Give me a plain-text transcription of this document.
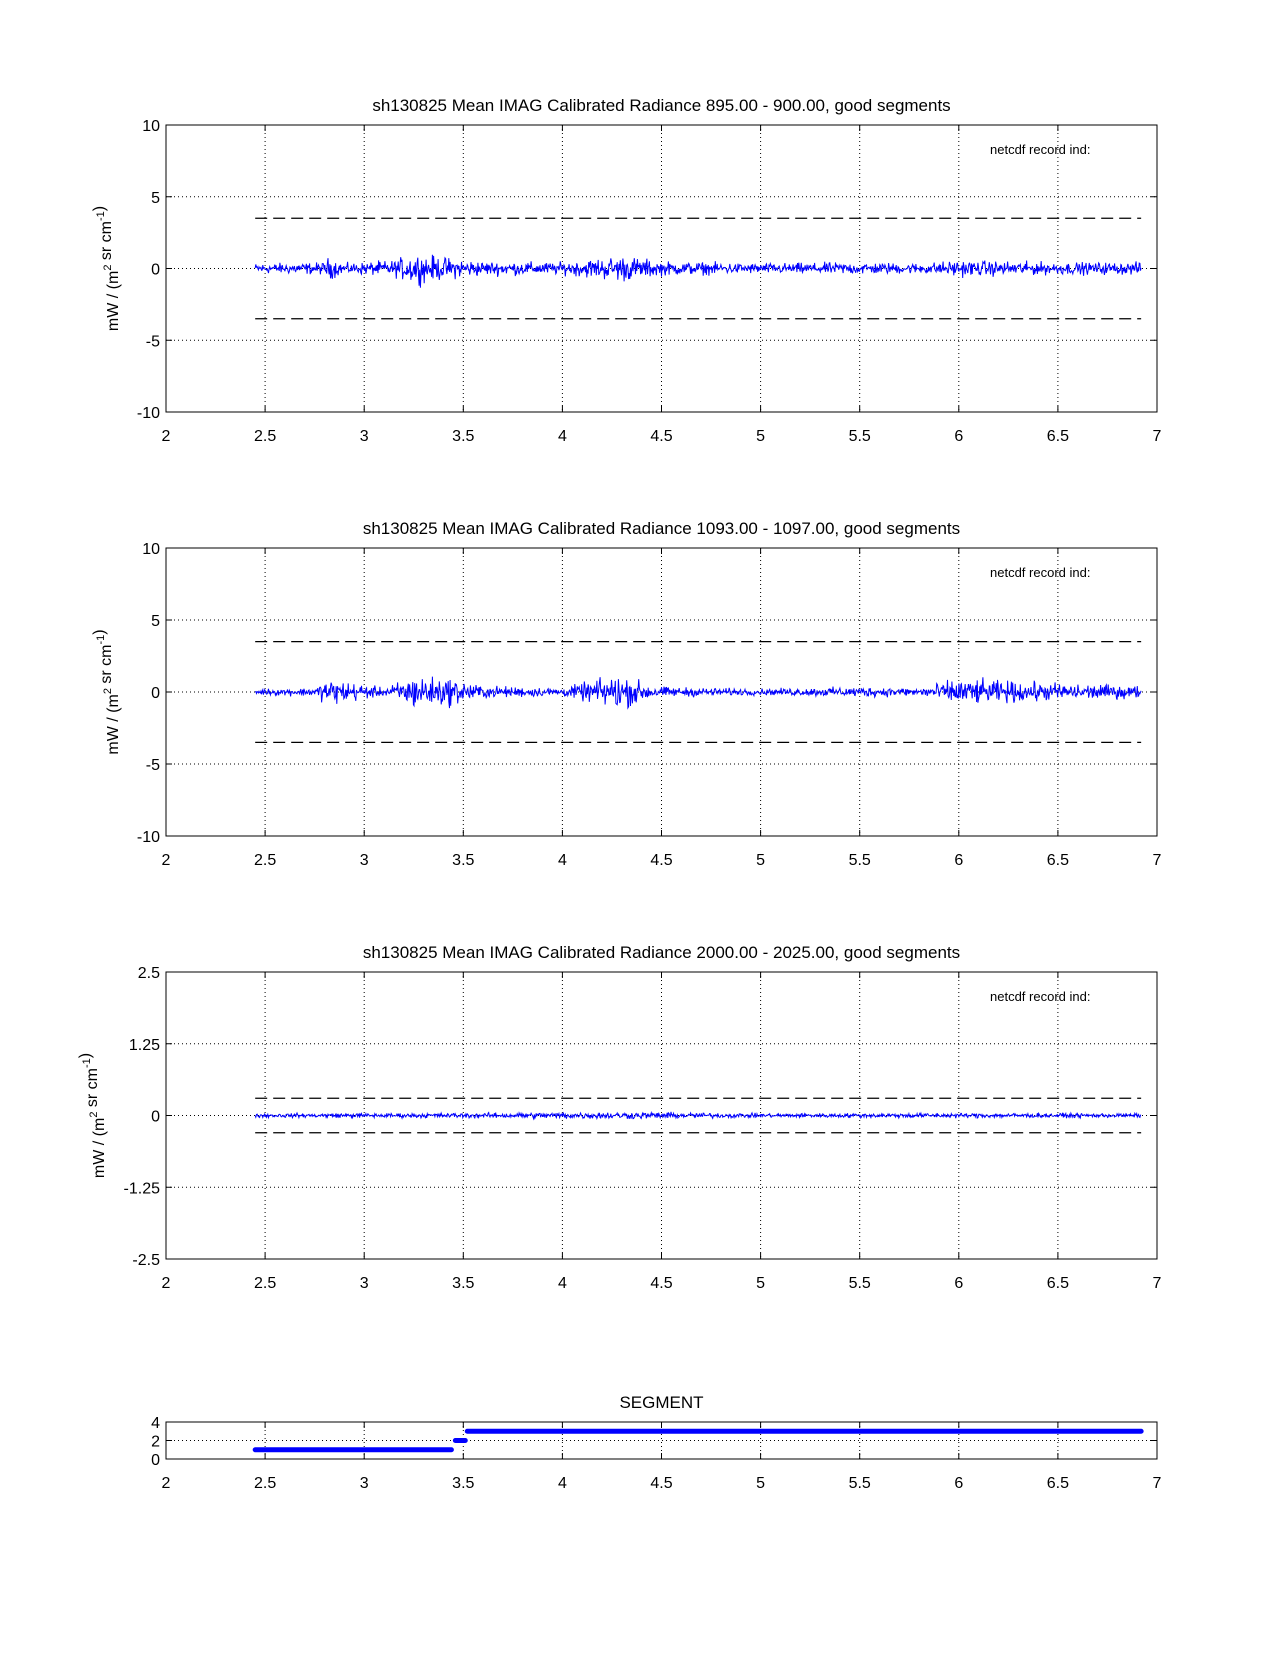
sh130825 Mean IMAG Calibrated Radiance 895.00 - 900.00, good segments
2	2.5	3	3.5	4	4.5	5	5.5	6	6.5	7
10
5
0
-5
-10
netcdf record ind:
mW / ($m^2$ sr $cm^{-1}$)
sh130825 Mean IMAG Calibrated Radiance 1093.00 - 1097.00, good segments
2	2.5	3	3.5	4	4.5	5	5.5	6	6.5	7
10
5
0
-5
-10
netcdf record ind:
mW / ($m^2$ sr $cm^{-1}$)
sh130825 Mean IMAG Calibrated Radiance 2000.00 - 2025.00, good segments
2	2.5	3	3.5	4	4.5	5	5.5	6	6.5	7
2.5
1.25
0
-1.25
-2.5
netcdf record ind:
mW / ($m^2$ sr $cm^{-1}$)
SEGMENT
2	2.5	3	3.5	4	4.5	5	5.5	6	6.5	7
4
2
0
